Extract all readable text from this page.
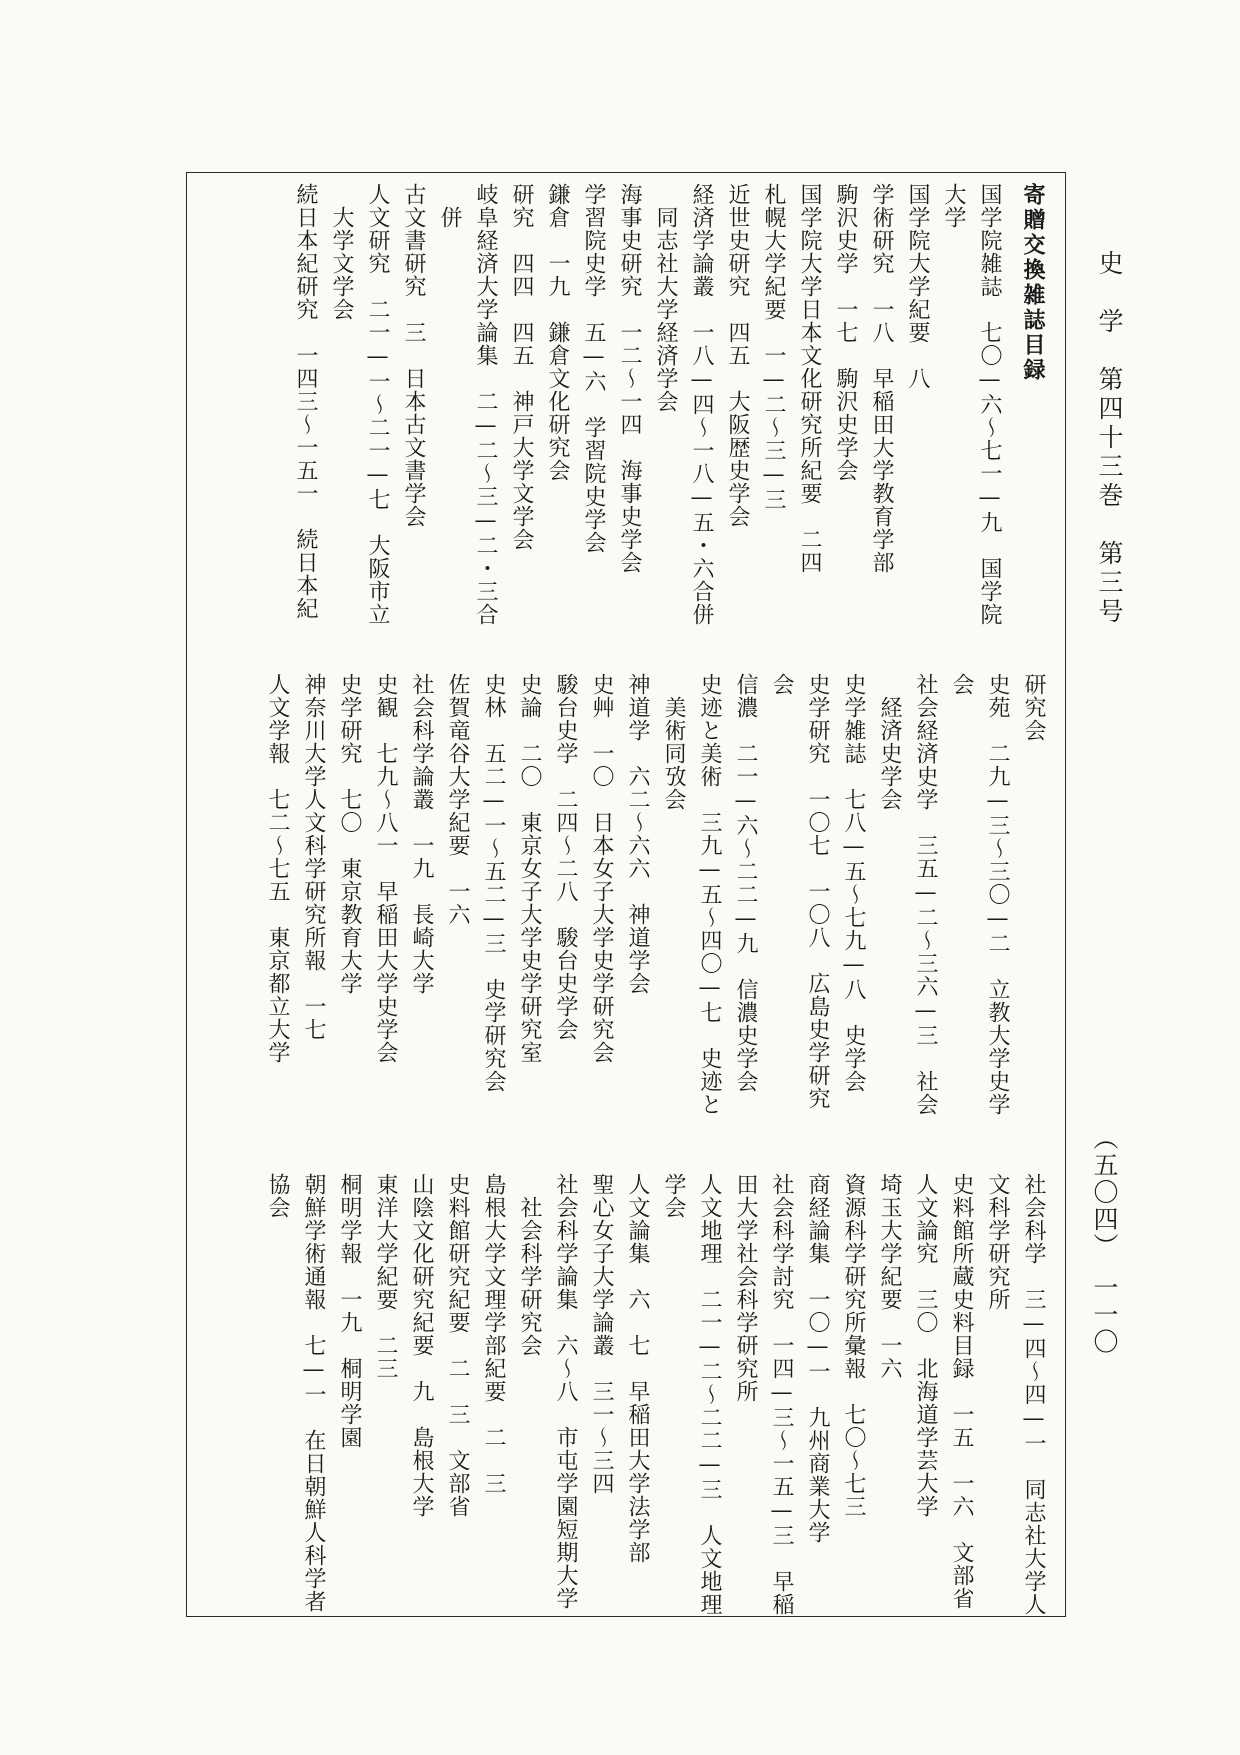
史　学　第四十三巻　第三号
（五〇四）　一一〇
寄贈交換雑誌目録
国学院雑誌　七〇—六〜七一—九　国学院
大学
国学院大学紀要　八
学術研究　一八　早稲田大学教育学部
駒沢史学　一七　駒沢史学会
国学院大学日本文化研究所紀要　二四
札幌大学紀要　一—二〜三—三
近世史研究　四五　大阪歴史学会
経済学論叢　一八—四〜一八—五・六合併
　同志社大学経済学会
海事史研究　一二〜一四　海事史学会
学習院史学　五—六　学習院史学会
鎌倉　一九　鎌倉文化研究会
研究　四四　四五　神戸大学文学会
岐阜経済大学論集　二—二〜三—二・三合
　併
古文書研究　三　日本古文書学会
人文研究　二一—一〜二一—七　大阪市立
　大学文学会
続日本紀研究　一四三〜一五一　続日本紀
研究会
史苑　二九—三〜三〇—二　立教大学史学
会
社会経済史学　三五—二〜三六—三　社会
　経済史学会
史学雑誌　七八—五〜七九—八　史学会
史学研究　一〇七　一〇八　広島史学研究
会
信濃　二一—六〜二二—九　信濃史学会
史迹と美術　三九—五〜四〇—七　史迹と
　美術同攷会
神道学　六二〜六六　神道学会
史艸　一〇　日本女子大学史学研究会
駿台史学　二四〜二八　駿台史学会
史論　二〇　東京女子大学史学研究室
史林　五二—一〜五二—三　史学研究会
佐賀竜谷大学紀要　一六
社会科学論叢　一九　長崎大学
史観　七九〜八一　早稲田大学史学会
史学研究　七〇　東京教育大学
神奈川大学人文科学研究所報　一七
人文学報　七二〜七五　東京都立大学
社会科学　三—四〜四—一　同志社大学人
文科学研究所
史料館所蔵史料目録　一五　一六　文部省
人文論究　三〇　北海道学芸大学
埼玉大学紀要　一六
資源科学研究所彙報　七〇〜七三
商経論集　一〇—一　九州商業大学
社会科学討究　一四—三〜一五—三　早稲
田大学社会科学研究所
人文地理　二一—二〜二二—三　人文地理
学会
人文論集　六　七　早稲田大学法学部
聖心女子大学論叢　三一〜三四
社会科学論集　六〜八　市屯学園短期大学
　社会科学研究会
島根大学文理学部紀要　二　三
史料館研究紀要　二　三　文部省
山陰文化研究紀要　九　島根大学
東洋大学紀要　二三
桐明学報　一九　桐明学園
朝鮮学術通報　七—一　在日朝鮮人科学者
協会
